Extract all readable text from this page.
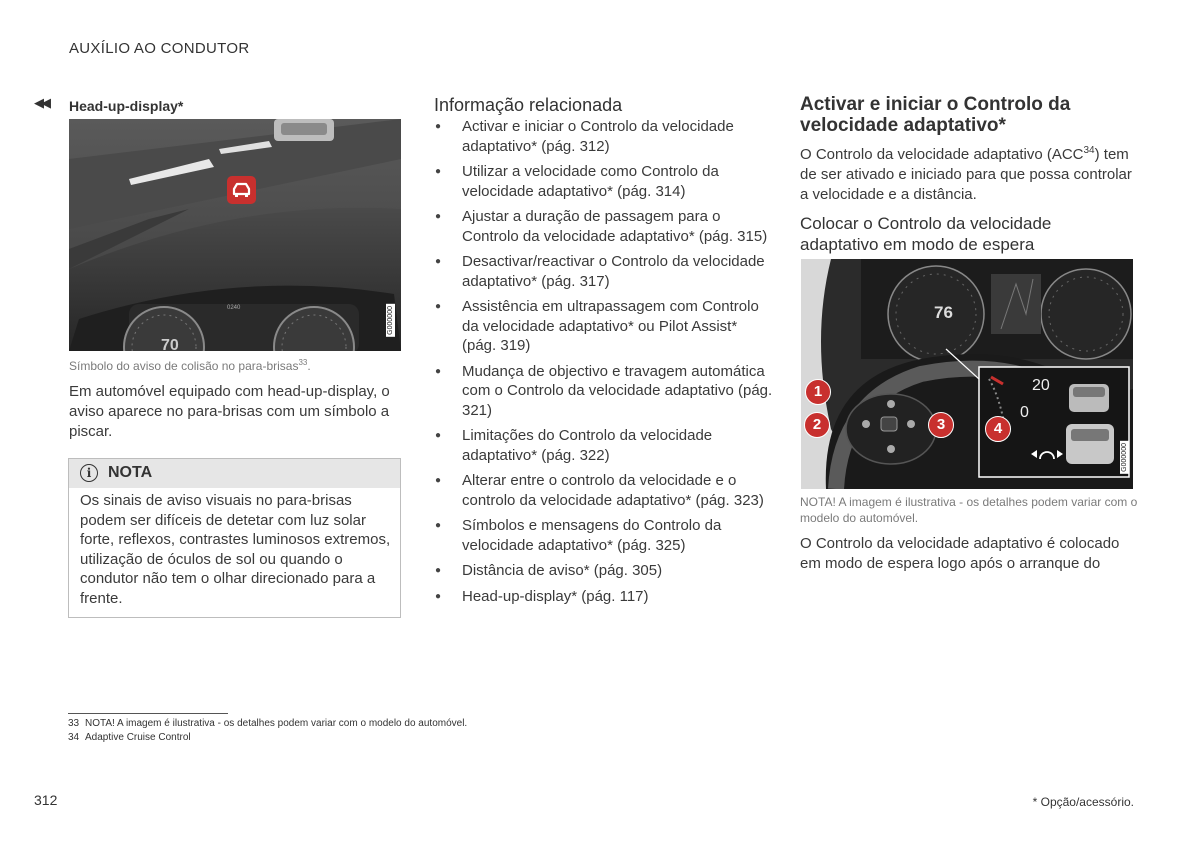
AUXÍLIO AO CONDUTOR
◀◀ Head-up-display*
0240
70
G000000
Símbolo do aviso de colisão no para-brisas$^{33}$.
Em automóvel equipado com head-up-display, o aviso aparece no para-brisas com um símbolo a piscar.
i	NOTA
Os sinais de aviso visuais no para-brisas podem ser difíceis de detetar com luz solar forte, reflexos, contrastes luminosos extremos, utilização de óculos de sol ou quando o condutor não tem o olhar direcionado para a frente.
Informação relacionada
● Activar e iniciar o Controlo da velocidade adaptativo* (pág. 312)
● Utilizar a velocidade como Controlo da velocidade adaptativo* (pág. 314)
● Ajustar a duração de passagem para o Controlo da velocidade adaptativo* (pág. 315)
● Desactivar/reactivar o Controlo da velocidade adaptativo* (pág. 317)
● Assistência em ultrapassagem com Controlo da velocidade adaptativo* ou Pilot Assist* (pág. 319)
● Mudança de objectivo e travagem automática com o Controlo da velocidade adaptativo (pág. 321)
● Limitações do Controlo da velocidade adaptativo* (pág. 322)
● Alterar entre o controlo da velocidade e o controlo da velocidade adaptativo* (pág. 323)
● Símbolos e mensagens do Controlo da velocidade adaptativo* (pág. 325)
● Distância de aviso* (pág. 305)
● Head-up-display* (pág. 117)
Activar e iniciar o Controlo da velocidade adaptativo*
O Controlo da velocidade adaptativo (ACC$^{34}$) tem de ser ativado e iniciado para que possa controlar a velocidade e a distância.
Colocar o Controlo da velocidade adaptativo em modo de espera
76
20
0
1
2	3	4
G000000
NOTA! A imagem é ilustrativa - os detalhes podem variar com o modelo do automóvel.
O Controlo da velocidade adaptativo é colocado em modo de espera logo após o arranque do
33 NOTA! A imagem é ilustrativa - os detalhes podem variar com o modelo do automóvel.
34 Adaptive Cruise Control
312	* Opção/acessório.
